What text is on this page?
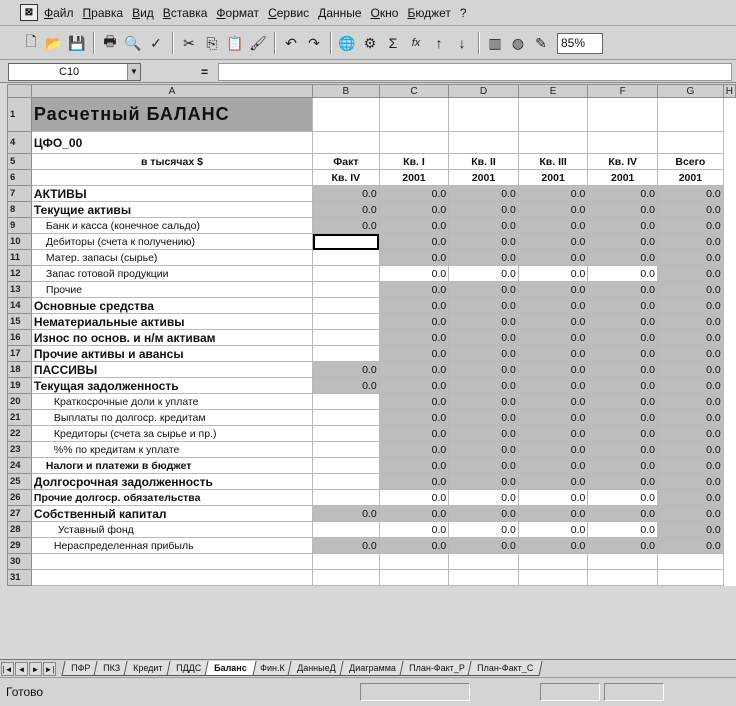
⊠ Файл Правка Вид Вставка Формат Сервис Данные Окно Бюджет ?
🗋 📂 💾	🖶 🔍 ✓	✂ ⎘ 📋 🖌	↶ ↷	🌐 ⚙ Σ	fx	↑	↓	▥ ◍ ✎	85%
C10	▼	=
	A	B	C	D	E	F	G	H
1	Расчетный БАЛАНС							
4	ЦФО_00							
5	в тысячах $	Факт	Кв. I	Кв. II	Кв. III	Кв. IV	Всего	
6		Кв. IV	2001	2001	2001	2001	2001	
7	АКТИВЫ	0.0	0.0	0.0	0.0	0.0	0.0	
8	Текущие активы	0.0	0.0	0.0	0.0	0.0	0.0	
9	Банк и касса (конечное сальдо)	0.0	0.0	0.0	0.0	0.0	0.0	
10	Дебиторы (счета к получению)		0.0	0.0	0.0	0.0	0.0	
11	Матер. запасы (сырье)		0.0	0.0	0.0	0.0	0.0	
12	Запас готовой продукции		0.0	0.0	0.0	0.0	0.0	
13	Прочие		0.0	0.0	0.0	0.0	0.0	
14	Основные средства		0.0	0.0	0.0	0.0	0.0	
15	Нематериальные активы		0.0	0.0	0.0	0.0	0.0	
16	Износ по основ. и н/м активам		0.0	0.0	0.0	0.0	0.0	
17	Прочие активы и авансы		0.0	0.0	0.0	0.0	0.0	
18	ПАССИВЫ	0.0	0.0	0.0	0.0	0.0	0.0	
19	Текущая задолженность	0.0	0.0	0.0	0.0	0.0	0.0	
20	Краткосрочные доли к уплате		0.0	0.0	0.0	0.0	0.0	
21	Выплаты по долгоср. кредитам		0.0	0.0	0.0	0.0	0.0	
22	Кредиторы (счета за сырье и пр.)		0.0	0.0	0.0	0.0	0.0	
23	%% по кредитам к уплате		0.0	0.0	0.0	0.0	0.0	
24	Налоги и платежи в бюджет		0.0	0.0	0.0	0.0	0.0	
25	Долгосрочная задолженность		0.0	0.0	0.0	0.0	0.0	
26	Прочие долгоср. обязательства		0.0	0.0	0.0	0.0	0.0	
27	Собственный капитал	0.0	0.0	0.0	0.0	0.0	0.0	
28	Уставный фонд		0.0	0.0	0.0	0.0	0.0	
29	Нераспределенная прибыль	0.0	0.0	0.0	0.0	0.0	0.0	
30								
31								
|◄ ◄ ► ►|	ПФР	ПКЗ	Кредит	ПДДС	Баланс	Фин.К	ДанныеД	Диаграмма	План-Факт_Р	План-Факт_С
Готово
